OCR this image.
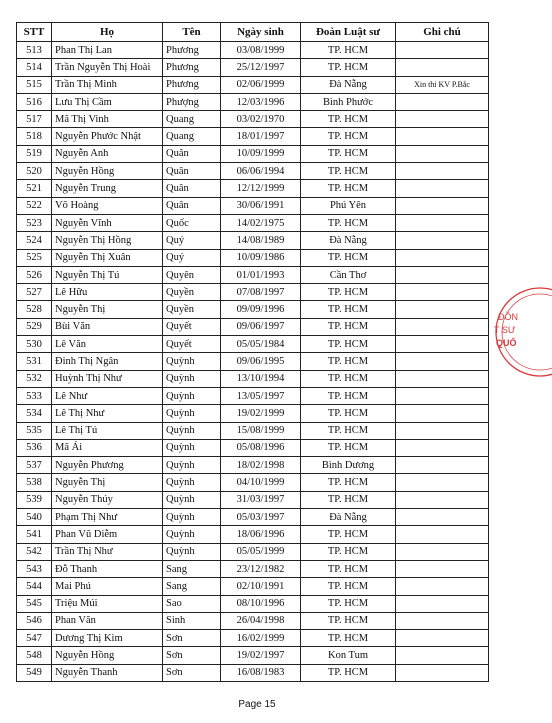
STT	Họ	Tên	Ngày sinh	Đoàn Luật sư	Ghi chú
513	Phan Thị Lan	Phương	03/08/1999	TP. HCM	
514	Trần Nguyễn Thị Hoài	Phương	25/12/1997	TP. HCM	
515	Trần Thị Minh	Phương	02/06/1999	Đà Nẵng	Xin thi KV P.Bắc
516	Lưu Thị Cầm	Phượng	12/03/1996	Bình Phước	
517	Mã Thị Vinh	Quang	03/02/1970	TP. HCM	
518	Nguyễn Phước Nhật	Quang	18/01/1997	TP. HCM	
519	Nguyễn Anh	Quân	10/09/1999	TP. HCM	
520	Nguyễn Hồng	Quân	06/06/1994	TP. HCM	
521	Nguyễn Trung	Quân	12/12/1999	TP. HCM	
522	Võ Hoàng	Quân	30/06/1991	Phú Yên	
523	Nguyễn Vĩnh	Quốc	14/02/1975	TP. HCM	
524	Nguyễn Thị Hồng	Quý	14/08/1989	Đà Nẵng	
525	Nguyễn Thị Xuân	Quý	10/09/1986	TP. HCM	
526	Nguyễn Thị Tú	Quyên	01/01/1993	Cần Thơ	
527	Lê Hữu	Quyền	07/08/1997	TP. HCM	
528	Nguyễn Thị	Quyền	09/09/1996	TP. HCM	
529	Bùi Văn	Quyết	09/06/1997	TP. HCM	
530	Lê Văn	Quyết	05/05/1984	TP. HCM	
531	Đinh Thị Ngân	Quỳnh	09/06/1995	TP. HCM	
532	Huỳnh Thị Như	Quỳnh	13/10/1994	TP. HCM	
533	Lê Như	Quỳnh	13/05/1997	TP. HCM	
534	Lê Thị Như	Quỳnh	19/02/1999	TP. HCM	
535	Lê Thị Tú	Quỳnh	15/08/1999	TP. HCM	
536	Mã Ái	Quỳnh	05/08/1996	TP. HCM	
537	Nguyễn Phương	Quỳnh	18/02/1998	Bình Dương	
538	Nguyễn Thị	Quỳnh	04/10/1999	TP. HCM	
539	Nguyễn Thúy	Quỳnh	31/03/1997	TP. HCM	
540	Phạm Thị Như	Quỳnh	05/03/1997	Đà Nẵng	
541	Phan Vũ Diễm	Quỳnh	18/06/1996	TP. HCM	
542	Trần Thị Như	Quỳnh	05/05/1999	TP. HCM	
543	Đỗ Thanh	Sang	23/12/1982	TP. HCM	
544	Mai Phú	Sang	02/10/1991	TP. HCM	
545	Triệu Múi	Sao	08/10/1996	TP. HCM	
546	Phan Văn	Sinh	26/04/1998	TP. HCM	
547	Dương Thị Kim	Sơn	16/02/1999	TP. HCM	
548	Nguyễn Hồng	Sơn	19/02/1997	Kon Tum	
549	Nguyễn Thanh	Sơn	16/08/1983	TP. HCM	
ĐỒN
T SƯ
QUỐ
Page 15
